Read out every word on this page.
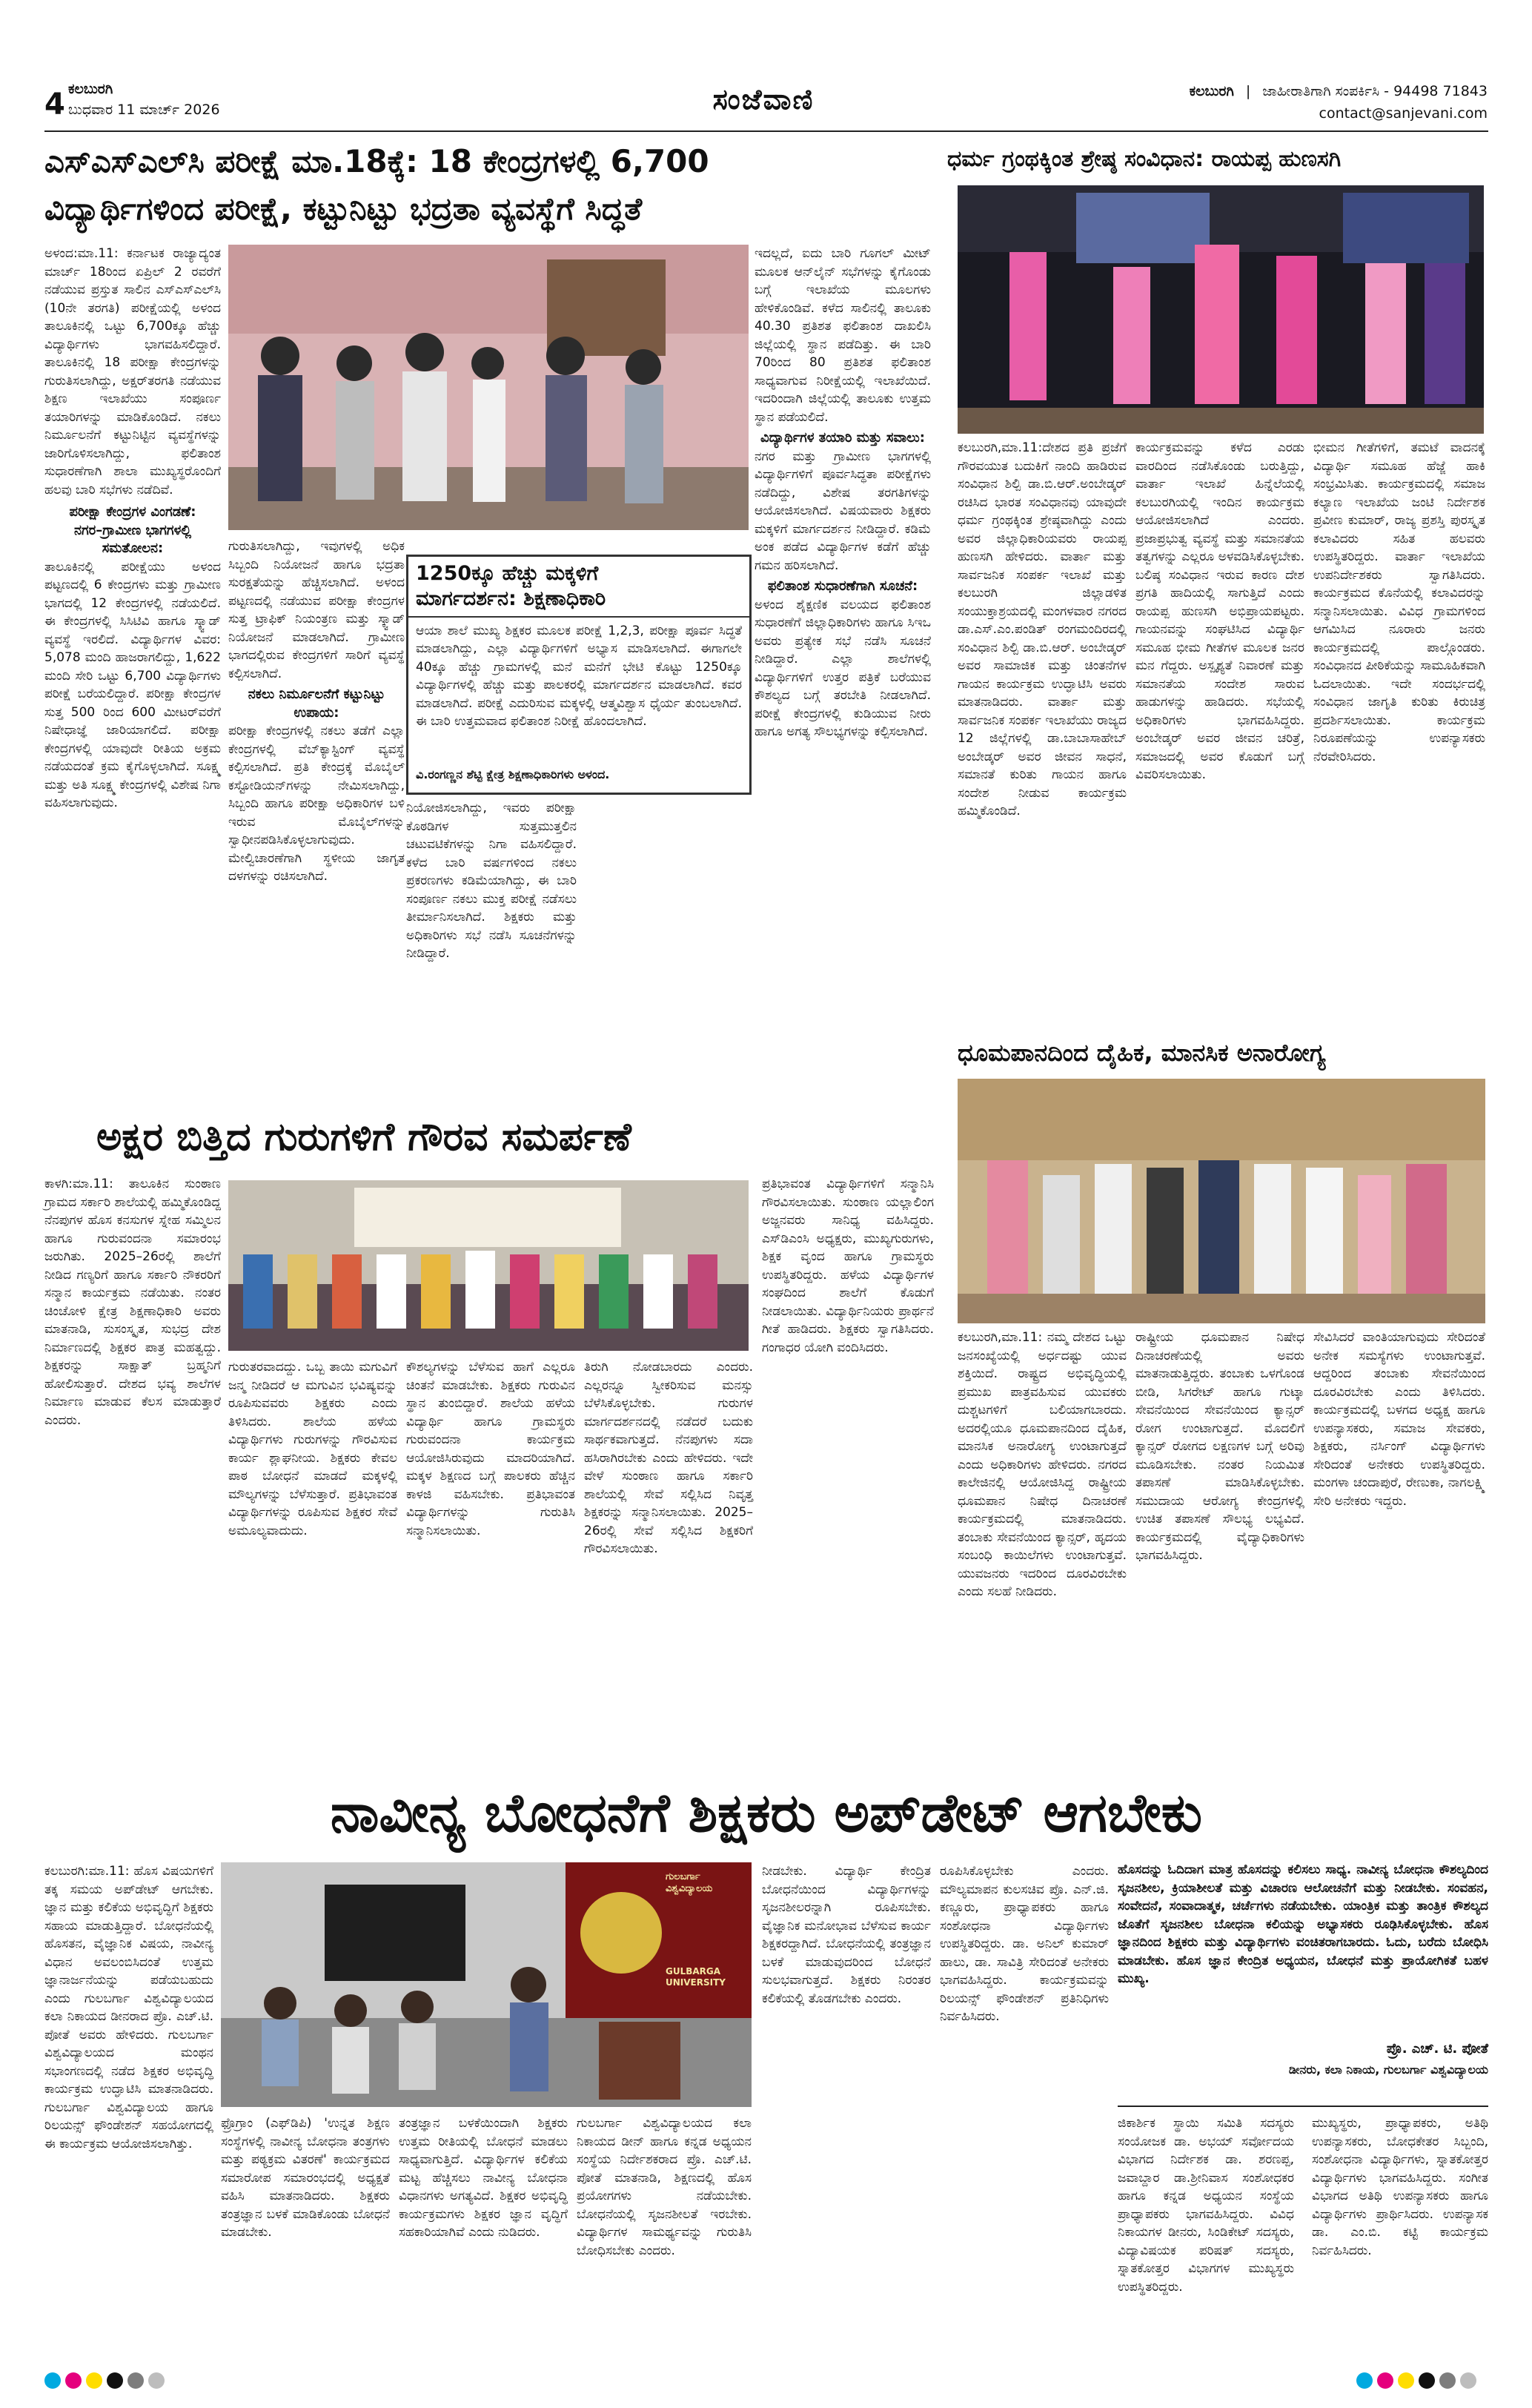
4 ಕಲಬುರಗಿ
ಬುಧವಾರ 11 ಮಾರ್ಚ್ 2026	ಸಂಜೆವಾಣಿ	ಕಲಬುರಗಿ | ಜಾಹೀರಾತಿಗಾಗಿ ಸಂಪರ್ಕಿಸಿ - 94498 71843
contact@sanjevani.com
ಎಸ್‌ಎಸ್‌ಎಲ್‌ಸಿ ಪರೀಕ್ಷೆ ಮಾ.18ಕ್ಕೆ: 18 ಕೇಂದ್ರಗಳಲ್ಲಿ 6,700
ವಿದ್ಯಾರ್ಥಿಗಳಿಂದ ಪರೀಕ್ಷೆ, ಕಟ್ಟುನಿಟ್ಟು ಭದ್ರತಾ ವ್ಯವಸ್ಥೆಗೆ ಸಿದ್ಧತೆ
ಅಳಂದ:ಮಾ.11: ಕರ್ನಾಟಕ ರಾಜ್ಯಾದ್ಯಂತ ಮಾರ್ಚ್ 18ರಿಂದ ಏಪ್ರಿಲ್ 2 ರವರೆಗೆ ನಡೆಯುವ ಪ್ರಸ್ತುತ ಸಾಲಿನ ಎಸ್‌ಎಸ್‌ಎಲ್‌ಸಿ (10ನೇ ತರಗತಿ) ಪರೀಕ್ಷೆಯಲ್ಲಿ ಅಳಂದ ತಾಲೂಕಿನಲ್ಲಿ ಒಟ್ಟು 6,700ಕ್ಕೂ ಹೆಚ್ಚು ವಿದ್ಯಾರ್ಥಿಗಳು ಭಾಗವಹಿಸಲಿದ್ದಾರೆ. ತಾಲೂಕಿನಲ್ಲಿ 18 ಪರೀಕ್ಷಾ ಕೇಂದ್ರಗಳನ್ನು ಗುರುತಿಸಲಾಗಿದ್ದು, ಅಕ್ಷರ್‌ತರಗತಿ ನಡೆಯುವ ಶಿಕ್ಷಣ ಇಲಾಖೆಯು ಸಂಪೂರ್ಣ ತಯಾರಿಗಳನ್ನು ಮಾಡಿಕೊಂಡಿದೆ. ನಕಲು ನಿರ್ಮೂಲನೆಗೆ ಕಟ್ಟುನಿಟ್ಟಿನ ವ್ಯವಸ್ಥೆಗಳನ್ನು ಜಾರಿಗೊಳಿಸಲಾಗಿದ್ದು, ಫಲಿತಾಂಶ ಸುಧಾರಣೆಗಾಗಿ ಶಾಲಾ ಮುಖ್ಯಸ್ಥರೊಂದಿಗೆ ಹಲವು ಬಾರಿ ಸಭೆಗಳು ನಡೆದಿವೆ.
ಪರೀಕ್ಷಾ ಕೇಂದ್ರಗಳ ವಿಂಗಡಣೆ:
ನಗರ–ಗ್ರಾಮೀಣ ಭಾಗಗಳಲ್ಲಿ ಸಮತೋಲನ:
ತಾಲೂಕಿನಲ್ಲಿ ಪರೀಕ್ಷೆಯು ಅಳಂದ ಪಟ್ಟಣದಲ್ಲಿ 6 ಕೇಂದ್ರಗಳು ಮತ್ತು ಗ್ರಾಮೀಣ ಭಾಗದಲ್ಲಿ 12 ಕೇಂದ್ರಗಳಲ್ಲಿ ನಡೆಯಲಿದೆ. ಈ ಕೇಂದ್ರಗಳಲ್ಲಿ ಸಿಸಿಟಿವಿ ಹಾಗೂ ಸ್ಕ್ವಾಡ್ ವ್ಯವಸ್ಥೆ ಇರಲಿದೆ. ವಿದ್ಯಾರ್ಥಿಗಳ ವಿವರ: 5,078 ಮಂದಿ ಹಾಜರಾಗಲಿದ್ದು, 1,622 ಮಂದಿ ಸೇರಿ ಒಟ್ಟು 6,700 ವಿದ್ಯಾರ್ಥಿಗಳು ಪರೀಕ್ಷೆ ಬರೆಯಲಿದ್ದಾರೆ. ಪರೀಕ್ಷಾ ಕೇಂದ್ರಗಳ ಸುತ್ತ 500 ರಿಂದ 600 ಮೀಟರ್‌ವರೆಗೆ ನಿಷೇಧಾಜ್ಞೆ ಜಾರಿಯಾಗಲಿದೆ. ಪರೀಕ್ಷಾ ಕೇಂದ್ರಗಳಲ್ಲಿ ಯಾವುದೇ ರೀತಿಯ ಅಕ್ರಮ ನಡೆಯದಂತೆ ಕ್ರಮ ಕೈಗೊಳ್ಳಲಾಗಿದೆ. ಸೂಕ್ಷ್ಮ ಮತ್ತು ಅತಿ ಸೂಕ್ಷ್ಮ ಕೇಂದ್ರಗಳಲ್ಲಿ ವಿಶೇಷ ನಿಗಾ ವಹಿಸಲಾಗುವುದು.
ಗುರುತಿಸಲಾಗಿದ್ದು, ಇವುಗಳಲ್ಲಿ ಅಧಿಕ ಸಿಬ್ಬಂದಿ ನಿಯೋಜನೆ ಹಾಗೂ ಭದ್ರತಾ ಸುರಕ್ಷತೆಯನ್ನು ಹೆಚ್ಚಿಸಲಾಗಿದೆ. ಅಳಂದ ಪಟ್ಟಣದಲ್ಲಿ ನಡೆಯುವ ಪರೀಕ್ಷಾ ಕೇಂದ್ರಗಳ ಸುತ್ತ ಟ್ರಾಫಿಕ್ ನಿಯಂತ್ರಣ ಮತ್ತು ಸ್ಕ್ವಾಡ್ ನಿಯೋಜನೆ ಮಾಡಲಾಗಿದೆ. ಗ್ರಾಮೀಣ ಭಾಗದಲ್ಲಿರುವ ಕೇಂದ್ರಗಳಿಗೆ ಸಾರಿಗೆ ವ್ಯವಸ್ಥೆ ಕಲ್ಪಿಸಲಾಗಿದೆ.
ನಕಲು ನಿರ್ಮೂಲನೆಗೆ ಕಟ್ಟುನಿಟ್ಟು ಉಪಾಯ:
ಪರೀಕ್ಷಾ ಕೇಂದ್ರಗಳಲ್ಲಿ ನಕಲು ತಡೆಗೆ ಎಲ್ಲಾ ಕೇಂದ್ರಗಳಲ್ಲಿ ವೆಬ್‌ಕ್ಯಾಸ್ಟಿಂಗ್ ವ್ಯವಸ್ಥೆ ಕಲ್ಪಿಸಲಾಗಿದೆ. ಪ್ರತಿ ಕೇಂದ್ರಕ್ಕೆ ಮೊಬೈಲ್ ಕಸ್ಟೋಡಿಯನ್‌ಗಳನ್ನು ನೇಮಿಸಲಾಗಿದ್ದು, ಸಿಬ್ಬಂದಿ ಹಾಗೂ ಪರೀಕ್ಷಾ ಅಧಿಕಾರಿಗಳ ಬಳಿ ಇರುವ ಮೊಬೈಲ್‌ಗಳನ್ನು ಸ್ವಾಧೀನಪಡಿಸಿಕೊಳ್ಳಲಾಗುವುದು. ಮೇಲ್ವಿಚಾರಣೆಗಾಗಿ ಸ್ಥಳೀಯ ಜಾಗೃತ ದಳಗಳನ್ನು ರಚಿಸಲಾಗಿದೆ.
1250ಕ್ಕೂ ಹೆಚ್ಚು ಮಕ್ಕಳಿಗೆ
ಮಾರ್ಗದರ್ಶನ: ಶಿಕ್ಷಣಾಧಿಕಾರಿ
ಆಯಾ ಶಾಲೆ ಮುಖ್ಯ ಶಿಕ್ಷಕರ ಮೂಲಕ ಪರೀಕ್ಷೆ 1,2,3, ಪರೀಕ್ಷಾ ಪೂರ್ವ ಸಿದ್ಧತೆ ಮಾಡಲಾಗಿದ್ದು, ಎಲ್ಲಾ ವಿದ್ಯಾರ್ಥಿಗಳಿಗೆ ಅಭ್ಯಾಸ ಮಾಡಿಸಲಾಗಿದೆ. ಈಗಾಗಲೇ 40ಕ್ಕೂ ಹೆಚ್ಚು ಗ್ರಾಮಗಳಲ್ಲಿ ಮನೆ ಮನೆಗೆ ಭೇಟಿ ಕೊಟ್ಟು 1250ಕ್ಕೂ ವಿದ್ಯಾರ್ಥಿಗಳಲ್ಲಿ ಹೆಚ್ಚು ಮತ್ತು ಪಾಲಕರಲ್ಲಿ ಮಾರ್ಗದರ್ಶನ ಮಾಡಲಾಗಿದೆ. ಕವರ ಮಾಡಲಾಗಿದೆ. ಪರೀಕ್ಷೆ ಎದುರಿಸುವ ಮಕ್ಕಳಲ್ಲಿ ಆತ್ಮವಿಶ್ವಾಸ ಧೈರ್ಯ ತುಂಬಲಾಗಿದೆ. ಈ ಬಾರಿ ಉತ್ತಮವಾದ ಫಲಿತಾಂಶ ನಿರೀಕ್ಷೆ ಹೊಂದಲಾಗಿದೆ.
ವಿ.ರಂಗಣ್ಣನ ಶೆಟ್ಟಿ ಕ್ಷೇತ್ರ ಶಿಕ್ಷಣಾಧಿಕಾರಿಗಳು ಅಳಂದ.
ನಿಯೋಜಿಸಲಾಗಿದ್ದು, ಇವರು ಪರೀಕ್ಷಾ ಕೊಠಡಿಗಳ ಸುತ್ತಮುತ್ತಲಿನ ಚಟುವಟಿಕೆಗಳನ್ನು ನಿಗಾ ವಹಿಸಲಿದ್ದಾರೆ. ಕಳೆದ ಬಾರಿ ವರ್ಷಗಳಿಂದ ನಕಲು ಪ್ರಕರಣಗಳು ಕಡಿಮೆಯಾಗಿದ್ದು, ಈ ಬಾರಿ ಸಂಪೂರ್ಣ ನಕಲು ಮುಕ್ತ ಪರೀಕ್ಷೆ ನಡೆಸಲು ತೀರ್ಮಾನಿಸಲಾಗಿದೆ. ಶಿಕ್ಷಕರು ಮತ್ತು ಅಧಿಕಾರಿಗಳು ಸಭೆ ನಡೆಸಿ ಸೂಚನೆಗಳನ್ನು ನೀಡಿದ್ದಾರೆ.
ಇದಲ್ಲದೆ, ಐದು ಬಾರಿ ಗೂಗಲ್ ಮೀಟ್ ಮೂಲಕ ಆನ್‌ಲೈನ್ ಸಭೆಗಳನ್ನು ಕೈಗೊಂಡು ಬಗ್ಗೆ ಇಲಾಖೆಯ ಮೂಲಗಳು ಹೇಳಿಕೊಂಡಿವೆ. ಕಳೆದ ಸಾಲಿನಲ್ಲಿ ತಾಲೂಕು 40.30 ಪ್ರತಿಶತ ಫಲಿತಾಂಶ ದಾಖಲಿಸಿ ಜಿಲ್ಲೆಯಲ್ಲಿ ಸ್ಥಾನ ಪಡೆದಿತ್ತು. ಈ ಬಾರಿ 70ರಿಂದ 80 ಪ್ರತಿಶತ ಫಲಿತಾಂಶ ಸಾಧ್ಯವಾಗುವ ನಿರೀಕ್ಷೆಯಲ್ಲಿ ಇಲಾಖೆಯಿದೆ. ಇದರಿಂದಾಗಿ ಜಿಲ್ಲೆಯಲ್ಲಿ ತಾಲೂಕು ಉತ್ತಮ ಸ್ಥಾನ ಪಡೆಯಲಿದೆ.
ವಿದ್ಯಾರ್ಥಿಗಳ ತಯಾರಿ ಮತ್ತು ಸವಾಲು:
ನಗರ ಮತ್ತು ಗ್ರಾಮೀಣ ಭಾಗಗಳಲ್ಲಿ ವಿದ್ಯಾರ್ಥಿಗಳಿಗೆ ಪೂರ್ವಸಿದ್ಧತಾ ಪರೀಕ್ಷೆಗಳು ನಡೆದಿದ್ದು, ವಿಶೇಷ ತರಗತಿಗಳನ್ನು ಆಯೋಜಿಸಲಾಗಿದೆ. ವಿಷಯವಾರು ಶಿಕ್ಷಕರು ಮಕ್ಕಳಿಗೆ ಮಾರ್ಗದರ್ಶನ ನೀಡಿದ್ದಾರೆ. ಕಡಿಮೆ ಅಂಕ ಪಡೆದ ವಿದ್ಯಾರ್ಥಿಗಳ ಕಡೆಗೆ ಹೆಚ್ಚು ಗಮನ ಹರಿಸಲಾಗಿದೆ.
ಫಲಿತಾಂಶ ಸುಧಾರಣೆಗಾಗಿ ಸೂಚನೆ:
ಅಳಂದ ಶೈಕ್ಷಣಿಕ ವಲಯದ ಫಲಿತಾಂಶ ಸುಧಾರಣೆಗೆ ಜಿಲ್ಲಾಧಿಕಾರಿಗಳು ಹಾಗೂ ಸಿಇಒ ಅವರು ಪ್ರತ್ಯೇಕ ಸಭೆ ನಡೆಸಿ ಸೂಚನೆ ನೀಡಿದ್ದಾರೆ. ಎಲ್ಲಾ ಶಾಲೆಗಳಲ್ಲಿ ವಿದ್ಯಾರ್ಥಿಗಳಿಗೆ ಉತ್ತರ ಪತ್ರಿಕೆ ಬರೆಯುವ ಕೌಶಲ್ಯದ ಬಗ್ಗೆ ತರಬೇತಿ ನೀಡಲಾಗಿದೆ. ಪರೀಕ್ಷೆ ಕೇಂದ್ರಗಳಲ್ಲಿ ಕುಡಿಯುವ ನೀರು ಹಾಗೂ ಅಗತ್ಯ ಸೌಲಭ್ಯಗಳನ್ನು ಕಲ್ಪಿಸಲಾಗಿದೆ.
ಧರ್ಮ ಗ್ರಂಥಕ್ಕಿಂತ ಶ್ರೇಷ್ಠ ಸಂವಿಧಾನ: ರಾಯಪ್ಪ ಹುಣಸಗಿ
ಕಲಬುರಗಿ,ಮಾ.11:ದೇಶದ ಪ್ರತಿ ಪ್ರಜೆಗೆ ಗೌರವಯುತ ಬದುಕಿಗೆ ನಾಂದಿ ಹಾಡಿರುವ ಸಂವಿಧಾನ ಶಿಲ್ಪಿ ಡಾ.ಬಿ.ಆರ್.ಅಂಬೇಡ್ಕರ್ ರಚಿಸಿದ ಭಾರತ ಸಂವಿಧಾನವು ಯಾವುದೇ ಧರ್ಮ ಗ್ರಂಥಕ್ಕಿಂತ ಶ್ರೇಷ್ಠವಾಗಿದ್ದು ಎಂದು ಅವರ ಜಿಲ್ಲಾಧಿಕಾರಿಯವರು ರಾಯಪ್ಪ ಹುಣಸಗಿ ಹೇಳಿದರು. ವಾರ್ತಾ ಮತ್ತು ಸಾರ್ವಜನಿಕ ಸಂಪರ್ಕ ಇಲಾಖೆ ಮತ್ತು ಕಲಬುರಗಿ ಜಿಲ್ಲಾಡಳಿತ ಸಂಯುಕ್ತಾಶ್ರಯದಲ್ಲಿ ಮಂಗಳವಾರ ನಗರದ ಡಾ.ಎಸ್.ಎಂ.ಪಂಡಿತ್ ರಂಗಮಂದಿರದಲ್ಲಿ ಸಂವಿಧಾನ ಶಿಲ್ಪಿ ಡಾ.ಬಿ.ಆರ್. ಅಂಬೇಡ್ಕರ್ ಅವರ ಸಾಮಾಜಿಕ ಮತ್ತು ಚಿಂತನೆಗಳ ಗಾಯನ ಕಾರ್ಯಕ್ರಮ ಉದ್ಘಾಟಿಸಿ ಅವರು ಮಾತನಾಡಿದರು. ವಾರ್ತಾ ಮತ್ತು ಸಾರ್ವಜನಿಕ ಸಂಪರ್ಕ ಇಲಾಖೆಯು ರಾಜ್ಯದ 12 ಜಿಲ್ಲೆಗಳಲ್ಲಿ ಡಾ.ಬಾಬಾಸಾಹೇಬ್ ಅಂಬೇಡ್ಕರ್ ಅವರ ಜೀವನ ಸಾಧನೆ, ಸಮಾನತೆ ಕುರಿತು ಗಾಯನ ಹಾಗೂ ಸಂದೇಶ ನೀಡುವ ಕಾರ್ಯಕ್ರಮ ಹಮ್ಮಿಕೊಂಡಿದೆ.
ಕಾರ್ಯಕ್ರಮವನ್ನು ಕಳೆದ ಎರಡು ವಾರದಿಂದ ನಡೆಸಿಕೊಂಡು ಬರುತ್ತಿದ್ದು, ವಾರ್ತಾ ಇಲಾಖೆ ಹಿನ್ನೆಲೆಯಲ್ಲಿ ಕಲಬುರಗಿಯಲ್ಲಿ ಇಂದಿನ ಕಾರ್ಯಕ್ರಮ ಆಯೋಜಿಸಲಾಗಿದೆ ಎಂದರು. ಪ್ರಜಾಪ್ರಭುತ್ವ ವ್ಯವಸ್ಥೆ ಮತ್ತು ಸಮಾನತೆಯ ತತ್ವಗಳನ್ನು ಎಲ್ಲರೂ ಅಳವಡಿಸಿಕೊಳ್ಳಬೇಕು. ಬಲಿಷ್ಠ ಸಂವಿಧಾನ ಇರುವ ಕಾರಣ ದೇಶ ಪ್ರಗತಿ ಹಾದಿಯಲ್ಲಿ ಸಾಗುತ್ತಿದೆ ಎಂದು ರಾಯಪ್ಪ ಹುಣಸಗಿ ಅಭಿಪ್ರಾಯಪಟ್ಟರು. ಗಾಯನವನ್ನು ಸಂಘಟಿಸಿದ ವಿದ್ಯಾರ್ಥಿ ಸಮೂಹ ಭೀಮ ಗೀತೆಗಳ ಮೂಲಕ ಜನರ ಮನ ಗೆದ್ದರು. ಅಸ್ಪೃಶ್ಯತೆ ನಿವಾರಣೆ ಮತ್ತು ಸಮಾನತೆಯ ಸಂದೇಶ ಸಾರುವ ಹಾಡುಗಳನ್ನು ಹಾಡಿದರು. ಸಭೆಯಲ್ಲಿ ಅಧಿಕಾರಿಗಳು ಭಾಗವಹಿಸಿದ್ದರು. ಅಂಬೇಡ್ಕರ್ ಅವರ ಜೀವನ ಚರಿತ್ರೆ, ಸಮಾಜದಲ್ಲಿ ಅವರ ಕೊಡುಗೆ ಬಗ್ಗೆ ವಿವರಿಸಲಾಯಿತು.
ಭೀಮನ ಗೀತೆಗಳಿಗೆ, ತಮಟೆ ವಾದನಕ್ಕೆ ವಿದ್ಯಾರ್ಥಿ ಸಮೂಹ ಹೆಜ್ಜೆ ಹಾಕಿ ಸಂಭ್ರಮಿಸಿತು. ಕಾರ್ಯಕ್ರಮದಲ್ಲಿ ಸಮಾಜ ಕಲ್ಯಾಣ ಇಲಾಖೆಯ ಜಂಟಿ ನಿರ್ದೇಶಕ ಪ್ರವೀಣ ಕುಮಾರ್, ರಾಜ್ಯ ಪ್ರಶಸ್ತಿ ಪುರಸ್ಕೃತ ಕಲಾವಿದರು ಸಹಿತ ಹಲವರು ಉಪಸ್ಥಿತರಿದ್ದರು. ವಾರ್ತಾ ಇಲಾಖೆಯ ಉಪನಿರ್ದೇಶಕರು ಸ್ವಾಗತಿಸಿದರು. ಕಾರ್ಯಕ್ರಮದ ಕೊನೆಯಲ್ಲಿ ಕಲಾವಿದರನ್ನು ಸನ್ಮಾನಿಸಲಾಯಿತು. ವಿವಿಧ ಗ್ರಾಮಗಳಿಂದ ಆಗಮಿಸಿದ ನೂರಾರು ಜನರು ಕಾರ್ಯಕ್ರಮದಲ್ಲಿ ಪಾಲ್ಗೊಂಡರು. ಸಂವಿಧಾನದ ಪೀಠಿಕೆಯನ್ನು ಸಾಮೂಹಿಕವಾಗಿ ಓದಲಾಯಿತು. ಇದೇ ಸಂದರ್ಭದಲ್ಲಿ ಸಂವಿಧಾನ ಜಾಗೃತಿ ಕುರಿತು ಕಿರುಚಿತ್ರ ಪ್ರದರ್ಶಿಸಲಾಯಿತು. ಕಾರ್ಯಕ್ರಮ ನಿರೂಪಣೆಯನ್ನು ಉಪನ್ಯಾಸಕರು ನೆರವೇರಿಸಿದರು.
ಧೂಮಪಾನದಿಂದ ದೈಹಿಕ, ಮಾನಸಿಕ ಅನಾರೋಗ್ಯ
ಕಲಬುರಗಿ,ಮಾ.11: ನಮ್ಮ ದೇಶದ ಒಟ್ಟು ಜನಸಂಖ್ಯೆಯಲ್ಲಿ ಅರ್ಧದಷ್ಟು ಯುವ ಶಕ್ತಿಯಿದೆ. ರಾಷ್ಟ್ರದ ಅಭಿವೃದ್ಧಿಯಲ್ಲಿ ಪ್ರಮುಖ ಪಾತ್ರವಹಿಸುವ ಯುವಕರು ದುಶ್ಚಟಗಳಿಗೆ ಬಲಿಯಾಗಬಾರದು. ಅದರಲ್ಲಿಯೂ ಧೂಮಪಾನದಿಂದ ದೈಹಿಕ, ಮಾನಸಿಕ ಅನಾರೋಗ್ಯ ಉಂಟಾಗುತ್ತದೆ ಎಂದು ಅಧಿಕಾರಿಗಳು ಹೇಳಿದರು. ನಗರದ ಕಾಲೇಜಿನಲ್ಲಿ ಆಯೋಜಿಸಿದ್ದ ರಾಷ್ಟ್ರೀಯ ಧೂಮಪಾನ ನಿಷೇಧ ದಿನಾಚರಣೆ ಕಾರ್ಯಕ್ರಮದಲ್ಲಿ ಮಾತನಾಡಿದರು. ತಂಬಾಕು ಸೇವನೆಯಿಂದ ಕ್ಯಾನ್ಸರ್, ಹೃದಯ ಸಂಬಂಧಿ ಕಾಯಿಲೆಗಳು ಉಂಟಾಗುತ್ತವೆ. ಯುವಜನರು ಇದರಿಂದ ದೂರವಿರಬೇಕು ಎಂದು ಸಲಹೆ ನೀಡಿದರು.
ರಾಷ್ಟ್ರೀಯ ಧೂಮಪಾನ ನಿಷೇಧ ದಿನಾಚರಣೆಯಲ್ಲಿ ಅವರು ಮಾತನಾಡುತ್ತಿದ್ದರು. ತಂಬಾಕು ಒಳಗೊಂಡ ಬೀಡಿ, ಸಿಗರೇಟ್ ಹಾಗೂ ಗುಟ್ಕಾ ಸೇವನೆಯಿಂದ ಸೇವನೆಯಿಂದ ಕ್ಯಾನ್ಸರ್ ರೋಗ ಉಂಟಾಗುತ್ತದೆ. ಮೊದಲಿಗೆ ಕ್ಯಾನ್ಸರ್ ರೋಗದ ಲಕ್ಷಣಗಳ ಬಗ್ಗೆ ಅರಿವು ಮೂಡಿಸಬೇಕು. ನಂತರ ನಿಯಮಿತ ತಪಾಸಣೆ ಮಾಡಿಸಿಕೊಳ್ಳಬೇಕು. ಸಮುದಾಯ ಆರೋಗ್ಯ ಕೇಂದ್ರಗಳಲ್ಲಿ ಉಚಿತ ತಪಾಸಣೆ ಸೌಲಭ್ಯ ಲಭ್ಯವಿದೆ. ಕಾರ್ಯಕ್ರಮದಲ್ಲಿ ವೈದ್ಯಾಧಿಕಾರಿಗಳು ಭಾಗವಹಿಸಿದ್ದರು.
ಸೇವಿಸಿದರೆ ವಾಂತಿಯಾಗುವುದು ಸೇರಿದಂತೆ ಅನೇಕ ಸಮಸ್ಯೆಗಳು ಉಂಟಾಗುತ್ತವೆ. ಆದ್ದರಿಂದ ತಂಬಾಕು ಸೇವನೆಯಿಂದ ದೂರವಿರಬೇಕು ಎಂದು ತಿಳಿಸಿದರು. ಕಾರ್ಯಕ್ರಮದಲ್ಲಿ ಬಳಗದ ಅಧ್ಯಕ್ಷ ಹಾಗೂ ಉಪನ್ಯಾಸಕರು, ಸಮಾಜ ಸೇವಕರು, ಶಿಕ್ಷಕರು, ನರ್ಸಿಂಗ್ ವಿದ್ಯಾರ್ಥಿಗಳು ಸೇರಿದಂತೆ ಅನೇಕರು ಉಪಸ್ಥಿತರಿದ್ದರು. ಮಂಗಳಾ ಚಂದಾಪುರೆ, ರೇಣುಕಾ, ನಾಗಲಕ್ಷ್ಮಿ ಸೇರಿ ಅನೇಕರು ಇದ್ದರು.
ಅಕ್ಷರ ಬಿತ್ತಿದ ಗುರುಗಳಿಗೆ ಗೌರವ ಸಮರ್ಪಣೆ
ಕಾಳಗಿ:ಮಾ.11: ತಾಲೂಕಿನ ಸುಂಠಾಣ ಗ್ರಾಮದ ಸರ್ಕಾರಿ ಶಾಲೆಯಲ್ಲಿ ಹಮ್ಮಿಕೊಂಡಿದ್ದ ನೆನಪುಗಳ ಹೊಸ ಕನಸುಗಳ ಸ್ನೇಹ ಸಮ್ಮಿಲನ ಹಾಗೂ ಗುರುವಂದನಾ ಸಮಾರಂಭ ಜರುಗಿತು. 2025–26ರಲ್ಲಿ ಶಾಲೆಗೆ ನೀಡಿದ ಗಣ್ಯರಿಗೆ ಹಾಗೂ ಸರ್ಕಾರಿ ನೌಕರರಿಗೆ ಸನ್ಮಾನ ಕಾರ್ಯಕ್ರಮ ನಡೆಯಿತು. ನಂತರ ಚಿಂಚೋಳಿ ಕ್ಷೇತ್ರ ಶಿಕ್ಷಣಾಧಿಕಾರಿ ಅವರು ಮಾತನಾಡಿ, ಸುಸಂಸ್ಕೃತ, ಸುಭದ್ರ ದೇಶ ನಿರ್ಮಾಣದಲ್ಲಿ ಶಿಕ್ಷಕರ ಪಾತ್ರ ಮಹತ್ವದ್ದು. ಶಿಕ್ಷಕರನ್ನು ಸಾಕ್ಷಾತ್ ಬ್ರಹ್ಮನಿಗೆ ಹೋಲಿಸುತ್ತಾರೆ. ದೇಶದ ಭವ್ಯ ಶಾಲೆಗಳ ನಿರ್ಮಾಣ ಮಾಡುವ ಕೆಲಸ ಮಾಡುತ್ತಾರೆ ಎಂದರು.
ಗುರುತರವಾದದ್ದು. ಒಬ್ಬ ತಾಯಿ ಮಗುವಿಗೆ ಜನ್ಮ ನೀಡಿದರೆ ಆ ಮಗುವಿನ ಭವಿಷ್ಯವನ್ನು ರೂಪಿಸುವವರು ಶಿಕ್ಷಕರು ಎಂದು ತಿಳಿಸಿದರು. ಶಾಲೆಯ ಹಳೆಯ ವಿದ್ಯಾರ್ಥಿಗಳು ಗುರುಗಳನ್ನು ಗೌರವಿಸುವ ಕಾರ್ಯ ಶ್ಲಾಘನೀಯ. ಶಿಕ್ಷಕರು ಕೇವಲ ಪಾಠ ಬೋಧನೆ ಮಾಡದೆ ಮಕ್ಕಳಲ್ಲಿ ಮೌಲ್ಯಗಳನ್ನು ಬೆಳೆಸುತ್ತಾರೆ. ಪ್ರತಿಭಾವಂತ ವಿದ್ಯಾರ್ಥಿಗಳನ್ನು ರೂಪಿಸುವ ಶಿಕ್ಷಕರ ಸೇವೆ ಅಮೂಲ್ಯವಾದುದು.
ಕೌಶಲ್ಯಗಳನ್ನು ಬೆಳೆಸುವ ಹಾಗೆ ಎಲ್ಲರೂ ಚಿಂತನೆ ಮಾಡಬೇಕು. ಶಿಕ್ಷಕರು ಗುರುವಿನ ಸ್ಥಾನ ತುಂಬಿದ್ದಾರೆ. ಶಾಲೆಯ ಹಳೆಯ ವಿದ್ಯಾರ್ಥಿ ಹಾಗೂ ಗ್ರಾಮಸ್ಥರು ಗುರುವಂದನಾ ಕಾರ್ಯಕ್ರಮ ಆಯೋಜಿಸಿರುವುದು ಮಾದರಿಯಾಗಿದೆ. ಮಕ್ಕಳ ಶಿಕ್ಷಣದ ಬಗ್ಗೆ ಪಾಲಕರು ಹೆಚ್ಚಿನ ಕಾಳಜಿ ವಹಿಸಬೇಕು. ಪ್ರತಿಭಾವಂತ ವಿದ್ಯಾರ್ಥಿಗಳನ್ನು ಗುರುತಿಸಿ ಸನ್ಮಾನಿಸಲಾಯಿತು.
ತಿರುಗಿ ನೋಡಬಾರದು ಎಂದರು. ಎಲ್ಲರನ್ನೂ ಸ್ವೀಕರಿಸುವ ಮನಸ್ಸು ಬೆಳೆಸಿಕೊಳ್ಳಬೇಕು. ಗುರುಗಳ ಮಾರ್ಗದರ್ಶನದಲ್ಲಿ ನಡೆದರೆ ಬದುಕು ಸಾರ್ಥಕವಾಗುತ್ತದೆ. ನೆನಪುಗಳು ಸದಾ ಹಸಿರಾಗಿರಬೇಕು ಎಂದು ಹೇಳಿದರು. ಇದೇ ವೇಳೆ ಸುಂಠಾಣ ಹಾಗೂ ಸರ್ಕಾರಿ ಶಾಲೆಯಲ್ಲಿ ಸೇವೆ ಸಲ್ಲಿಸಿದ ನಿವೃತ್ತ ಶಿಕ್ಷಕರನ್ನು ಸನ್ಮಾನಿಸಲಾಯಿತು. 2025–26ರಲ್ಲಿ ಸೇವೆ ಸಲ್ಲಿಸಿದ ಶಿಕ್ಷಕರಿಗೆ ಗೌರವಿಸಲಾಯಿತು.
ಪ್ರತಿಭಾವಂತ ವಿದ್ಯಾರ್ಥಿಗಳಿಗೆ ಸನ್ಮಾನಿಸಿ ಗೌರವಿಸಲಾಯಿತು. ಸುಂಠಾಣ ಯಲ್ಲಾಲಿಂಗ ಅಜ್ಜನವರು ಸಾನಿಧ್ಯ ವಹಿಸಿದ್ದರು. ಎಸ್‌ಡಿಎಂಸಿ ಅಧ್ಯಕ್ಷರು, ಮುಖ್ಯಗುರುಗಳು, ಶಿಕ್ಷಕ ವೃಂದ ಹಾಗೂ ಗ್ರಾಮಸ್ಥರು ಉಪಸ್ಥಿತರಿದ್ದರು. ಹಳೆಯ ವಿದ್ಯಾರ್ಥಿಗಳ ಸಂಘದಿಂದ ಶಾಲೆಗೆ ಕೊಡುಗೆ ನೀಡಲಾಯಿತು. ವಿದ್ಯಾರ್ಥಿನಿಯರು ಪ್ರಾರ್ಥನೆ ಗೀತೆ ಹಾಡಿದರು. ಶಿಕ್ಷಕರು ಸ್ವಾಗತಿಸಿದರು. ಗಂಗಾಧರ ಯೋಗಿ ವಂದಿಸಿದರು.
ನಾವೀನ್ಯ ಬೋಧನೆಗೆ ಶಿಕ್ಷಕರು ಅಪ್‌ಡೇಟ್ ಆಗಬೇಕು
ಕಲಬುರಗಿ:ಮಾ.11: ಹೊಸ ವಿಷಯಗಳಿಗೆ ತಕ್ಕ ಸಮಯ ಅಪ್‌ಡೇಟ್ ಆಗಬೇಕು. ಜ್ಞಾನ ಮತ್ತು ಕಲಿಕೆಯ ಅಭಿವೃದ್ಧಿಗೆ ಶಿಕ್ಷಕರು ಸಹಾಯ ಮಾಡುತ್ತಿದ್ದಾರೆ. ಬೋಧನೆಯಲ್ಲಿ ಹೊಸತನ, ವೈಜ್ಞಾನಿಕ ವಿಷಯ, ನಾವೀನ್ಯ ವಿಧಾನ ಅವಲಂಬಿಸಿದಂತೆ ಉತ್ತಮ ಜ್ಞಾನಾರ್ಜನೆಯನ್ನು ಪಡೆಯಬಹುದು ಎಂದು ಗುಲಬರ್ಗಾ ವಿಶ್ವವಿದ್ಯಾಲಯದ ಕಲಾ ನಿಕಾಯದ ಡೀನರಾದ ಪ್ರೊ. ಎಚ್.ಟಿ. ಪೋತೆ ಅವರು ಹೇಳಿದರು. ಗುಲಬರ್ಗಾ ವಿಶ್ವವಿದ್ಯಾಲಯದ ಮಂಥನ ಸಭಾಂಗಣದಲ್ಲಿ ನಡೆದ ಶಿಕ್ಷಕರ ಅಭಿವೃದ್ಧಿ ಕಾರ್ಯಕ್ರಮ ಉದ್ಘಾಟಿಸಿ ಮಾತನಾಡಿದರು. ಗುಲಬರ್ಗಾ ವಿಶ್ವವಿದ್ಯಾಲಯ ಹಾಗೂ ರಿಲಯನ್ಸ್ ಫೌಂಡೇಶನ್ ಸಹಯೋಗದಲ್ಲಿ ಈ ಕಾರ್ಯಕ್ರಮ ಆಯೋಜಿಸಲಾಗಿತ್ತು.
ಗುಲಬರ್ಗಾ ವಿಶ್ವವಿದ್ಯಾಲಯ
GULBARGA UNIVERSITY
ಫ್ರೊಗ್ರಾಂ (ಎಫ್‌ಡಿಪಿ) 'ಉನ್ನತ ಶಿಕ್ಷಣ ಸಂಸ್ಥೆಗಳಲ್ಲಿ ನಾವೀನ್ಯ ಬೋಧನಾ ತಂತ್ರಗಳು ಮತ್ತು ಪಠ್ಯಕ್ರಮ ವಿತರಣೆ' ಕಾರ್ಯಕ್ರಮದ ಸಮಾರೋಪ ಸಮಾರಂಭದಲ್ಲಿ ಅಧ್ಯಕ್ಷತೆ ವಹಿಸಿ ಮಾತನಾಡಿದರು. ಶಿಕ್ಷಕರು ತಂತ್ರಜ್ಞಾನ ಬಳಕೆ ಮಾಡಿಕೊಂಡು ಬೋಧನೆ ಮಾಡಬೇಕು.
ತಂತ್ರಜ್ಞಾನ ಬಳಕೆಯಿಂದಾಗಿ ಶಿಕ್ಷಕರು ಉತ್ತಮ ರೀತಿಯಲ್ಲಿ ಬೋಧನೆ ಮಾಡಲು ಸಾಧ್ಯವಾಗುತ್ತಿದೆ. ವಿದ್ಯಾರ್ಥಿಗಳ ಕಲಿಕೆಯ ಮಟ್ಟ ಹೆಚ್ಚಿಸಲು ನಾವೀನ್ಯ ಬೋಧನಾ ವಿಧಾನಗಳು ಅಗತ್ಯವಿದೆ. ಶಿಕ್ಷಕರ ಅಭಿವೃದ್ಧಿ ಕಾರ್ಯಕ್ರಮಗಳು ಶಿಕ್ಷಕರ ಜ್ಞಾನ ವೃದ್ಧಿಗೆ ಸಹಕಾರಿಯಾಗಿವೆ ಎಂದು ನುಡಿದರು.
ಗುಲಬರ್ಗಾ ವಿಶ್ವವಿದ್ಯಾಲಯದ ಕಲಾ ನಿಕಾಯದ ಡೀನ್ ಹಾಗೂ ಕನ್ನಡ ಅಧ್ಯಯನ ಸಂಸ್ಥೆಯ ನಿರ್ದೇಶಕರಾದ ಪ್ರೊ. ಎಚ್.ಟಿ. ಪೋತೆ ಮಾತನಾಡಿ, ಶಿಕ್ಷಣದಲ್ಲಿ ಹೊಸ ಪ್ರಯೋಗಗಳು ನಡೆಯಬೇಕು. ಬೋಧನೆಯಲ್ಲಿ ಸೃಜನಶೀಲತೆ ಇರಬೇಕು. ವಿದ್ಯಾರ್ಥಿಗಳ ಸಾಮರ್ಥ್ಯವನ್ನು ಗುರುತಿಸಿ ಬೋಧಿಸಬೇಕು ಎಂದರು.
ನೀಡಬೇಕು. ವಿದ್ಯಾರ್ಥಿ ಕೇಂದ್ರಿತ ಬೋಧನೆಯಿಂದ ವಿದ್ಯಾರ್ಥಿಗಳನ್ನು ಸೃಜನಶೀಲರನ್ನಾಗಿ ರೂಪಿಸಬೇಕು. ವೈಜ್ಞಾನಿಕ ಮನೋಭಾವ ಬೆಳೆಸುವ ಕಾರ್ಯ ಶಿಕ್ಷಕರದ್ದಾಗಿದೆ. ಬೋಧನೆಯಲ್ಲಿ ತಂತ್ರಜ್ಞಾನ ಬಳಕೆ ಮಾಡುವುದರಿಂದ ಬೋಧನೆ ಸುಲಭವಾಗುತ್ತದೆ. ಶಿಕ್ಷಕರು ನಿರಂತರ ಕಲಿಕೆಯಲ್ಲಿ ತೊಡಗಬೇಕು ಎಂದರು.
ರೂಪಿಸಿಕೊಳ್ಳಬೇಕು ಎಂದರು. ಮೌಲ್ಯಮಾಪನ ಕುಲಸಚಿವ ಪ್ರೊ. ಎನ್.ಜಿ. ಕಣ್ಣೂರು, ಪ್ರಾಧ್ಯಾಪಕರು ಹಾಗೂ ಸಂಶೋಧನಾ ವಿದ್ಯಾರ್ಥಿಗಳು ಉಪಸ್ಥಿತರಿದ್ದರು. ಡಾ. ಅನಿಲ್ ಕುಮಾರ್ ಹಾಲು, ಡಾ. ಸಾವಿತ್ರಿ ಸೇರಿದಂತೆ ಅನೇಕರು ಭಾಗವಹಿಸಿದ್ದರು. ಕಾರ್ಯಕ್ರಮವನ್ನು ರಿಲಯನ್ಸ್ ಫೌಂಡೇಶನ್ ಪ್ರತಿನಿಧಿಗಳು ನಿರ್ವಹಿಸಿದರು.
ಹೊಸದನ್ನು ಓದಿದಾಗ ಮಾತ್ರ ಹೊಸದನ್ನು ಕಲಿಸಲು ಸಾಧ್ಯ. ನಾವೀನ್ಯ ಬೋಧನಾ ಕೌಶಲ್ಯದಿಂದ ಸೃಜನಶೀಲ, ಕ್ರಿಯಾಶೀಲತೆ ಮತ್ತು ವಿಚಾರಣ ಆಲೋಚನೆಗೆ ಮತ್ತು ನೀಡಬೇಕು. ಸಂವಹನ, ಸಂವೇದನೆ, ಸಂವಾದಾತ್ಮಕ, ಚರ್ಚೆಗಳು ನಡೆಯಬೇಕು. ಯಾಂತ್ರಿಕ ಮತ್ತು ತಾಂತ್ರಿಕ ಕೌಶಲ್ಯದ ಜೊತೆಗೆ ಸೃಜನಶೀಲ ಬೋಧನಾ ಕಲಿಯನ್ನು ಅಭ್ಯಾಸಕರು ರೂಢಿಸಿಕೊಳ್ಳಬೇಕು. ಹೊಸ ಜ್ಞಾನದಿಂದ ಶಿಕ್ಷಕರು ಮತ್ತು ವಿದ್ಯಾರ್ಥಿಗಳು ವಂಚಿತರಾಗಬಾರದು. ಓದು, ಬರೆದು ಬೋಧಿಸಿ ಮಾಡಬೇಕು. ಹೊಸ ಜ್ಞಾನ ಕೇಂದ್ರಿತ ಅಧ್ಯಯನ, ಬೋಧನೆ ಮತ್ತು ಪ್ರಾಯೋಗಿಕತೆ ಬಹಳ ಮುಖ್ಯ.
ಪ್ರೊ. ಎಚ್. ಟಿ. ಪೋತೆ
ಡೀನರು, ಕಲಾ ನಿಕಾಯ, ಗುಲಬರ್ಗಾ ವಿಶ್ವವಿದ್ಯಾಲಯ
ಜಿಕಾರ್ಶಿಕ ಸ್ಥಾಯಿ ಸಮಿತಿ ಸದಸ್ಯರು ಸಂಯೋಜಕ ಡಾ. ಅಭಯ್ ಸರ್ವೋದಯ ವಿಭಾಗದ ನಿರ್ದೇಶಕ ಡಾ. ಶರಣಪ್ಪ, ಜವಾಬ್ದಾರ ಡಾ.ಶ್ರೀನಿವಾಸ ಸಂಶೋಧಕರ ಹಾಗೂ ಕನ್ನಡ ಅಧ್ಯಯನ ಸಂಸ್ಥೆಯ ಪ್ರಾಧ್ಯಾಪಕರು ಭಾಗವಹಿಸಿದ್ದರು. ವಿವಿಧ ನಿಕಾಯಗಳ ಡೀನರು, ಸಿಂಡಿಕೇಟ್ ಸದಸ್ಯರು, ವಿದ್ಯಾವಿಷಯಕ ಪರಿಷತ್ ಸದಸ್ಯರು, ಸ್ನಾತಕೋತ್ತರ ವಿಭಾಗಗಳ ಮುಖ್ಯಸ್ಥರು ಉಪಸ್ಥಿತರಿದ್ದರು.
ಮುಖ್ಯಸ್ಥರು, ಪ್ರಾಧ್ಯಾಪಕರು, ಅತಿಥಿ ಉಪನ್ಯಾಸಕರು, ಬೋಧಕೇತರ ಸಿಬ್ಬಂದಿ, ಸಂಶೋಧನಾ ವಿದ್ಯಾರ್ಥಿಗಳು, ಸ್ನಾತಕೋತ್ತರ ವಿದ್ಯಾರ್ಥಿಗಳು ಭಾಗವಹಿಸಿದ್ದರು. ಸಂಗೀತ ವಿಭಾಗದ ಅತಿಥಿ ಉಪನ್ಯಾಸಕರು ಹಾಗೂ ವಿದ್ಯಾರ್ಥಿಗಳು ಪ್ರಾರ್ಥಿಸಿದರು. ಉಪನ್ಯಾಸಕ ಡಾ. ಎಂ.ಬಿ. ಕಟ್ಟಿ ಕಾರ್ಯಕ್ರಮ ನಿರ್ವಹಿಸಿದರು.
